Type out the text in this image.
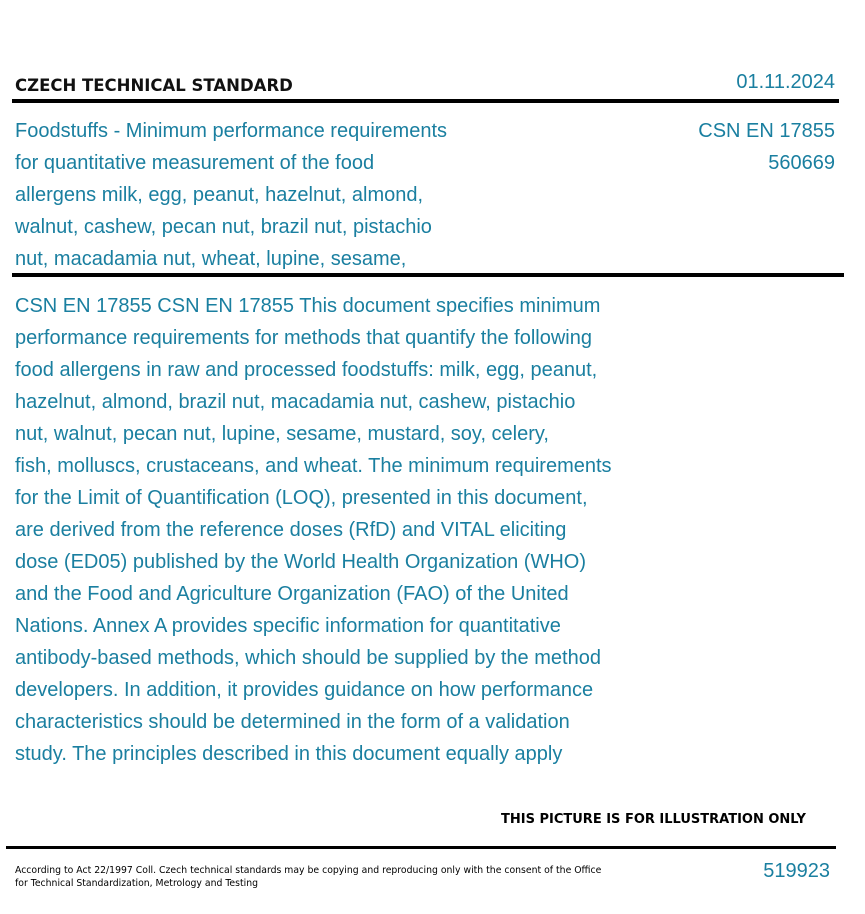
CZECH TECHNICAL STANDARD	01.11.2024
Foodstuffs - Minimum performance requirements
for quantitative measurement of the food
allergens milk, egg, peanut, hazelnut, almond,
walnut, cashew, pecan nut, brazil nut, pistachio
nut, macadamia nut, wheat, lupine, sesame,
CSN EN 17855
560669
CSN EN 17855 CSN EN 17855 This document specifies minimum
performance requirements for methods that quantify the following
food allergens in raw and processed foodstuffs: milk, egg, peanut,
hazelnut, almond, brazil nut, macadamia nut, cashew, pistachio
nut, walnut, pecan nut, lupine, sesame, mustard, soy, celery,
fish, molluscs, crustaceans, and wheat. The minimum requirements
for the Limit of Quantification (LOQ), presented in this document,
are derived from the reference doses (RfD) and VITAL eliciting
dose (ED05) published by the World Health Organization (WHO)
and the Food and Agriculture Organization (FAO) of the United
Nations. Annex A provides specific information for quantitative
antibody-based methods, which should be supplied by the method
developers. In addition, it provides guidance on how performance
characteristics should be determined in the form of a validation
study. The principles described in this document equally apply
THIS PICTURE IS FOR ILLUSTRATION ONLY
According to Act 22/1997 Coll. Czech technical standards may be copying and reproducing only with the consent of the Office
for Technical Standardization, Metrology and Testing
519923
